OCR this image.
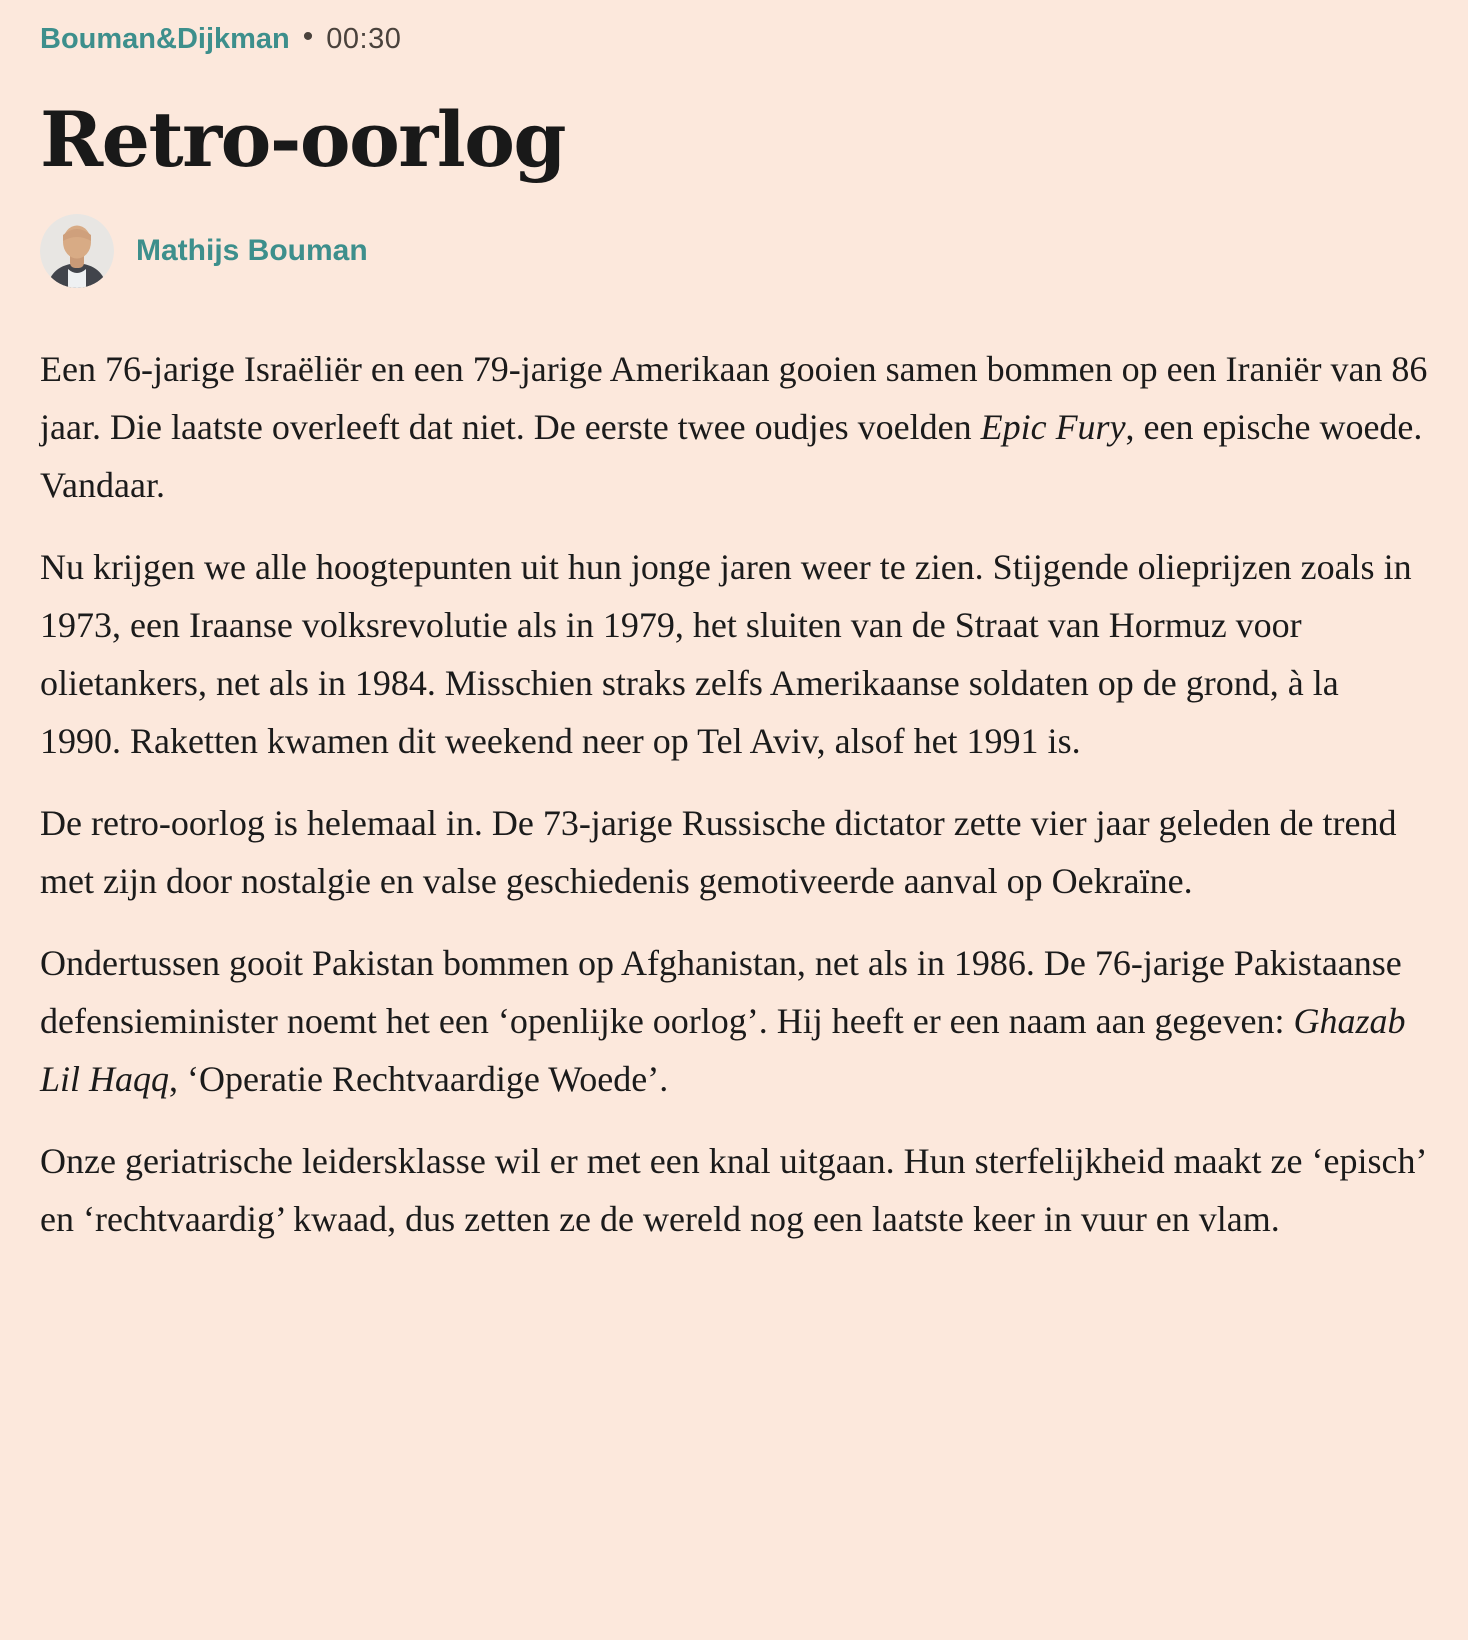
Bouman&Dijkman • 00:30
Retro-oorlog
Mathijs Bouman

Een 76-jarige Israëliër en een 79-jarige Amerikaan gooien samen bommen op een Iraniër van 86 jaar. Die laatste overleeft dat niet. De eerste twee oudjes voelden Epic Fury, een epische woede. Vandaar.

Nu krijgen we alle hoogtepunten uit hun jonge jaren weer te zien. Stijgende olieprijzen zoals in 1973, een Iraanse volksrevolutie als in 1979, het sluiten van de Straat van Hormuz voor olietankers, net als in 1984. Misschien straks zelfs Amerikaanse soldaten op de grond, à la 1990. Raketten kwamen dit weekend neer op Tel Aviv, alsof het 1991 is.

De retro-oorlog is helemaal in. De 73-jarige Russische dictator zette vier jaar geleden de trend met zijn door nostalgie en valse geschiedenis gemotiveerde aanval op Oekraïne.

Ondertussen gooit Pakistan bommen op Afghanistan, net als in 1986. De 76-jarige Pakistaanse defensieminister noemt het een ‘openlijke oorlog’. Hij heeft er een naam aan gegeven: Ghazab Lil Haqq, ‘Operatie Rechtvaardige Woede’.

Onze geriatrische leidersklasse wil er met een knal uitgaan. Hun sterfelijkheid maakt ze ‘episch’ en ‘rechtvaardig’ kwaad, dus zetten ze de wereld nog een laatste keer in vuur en vlam.
